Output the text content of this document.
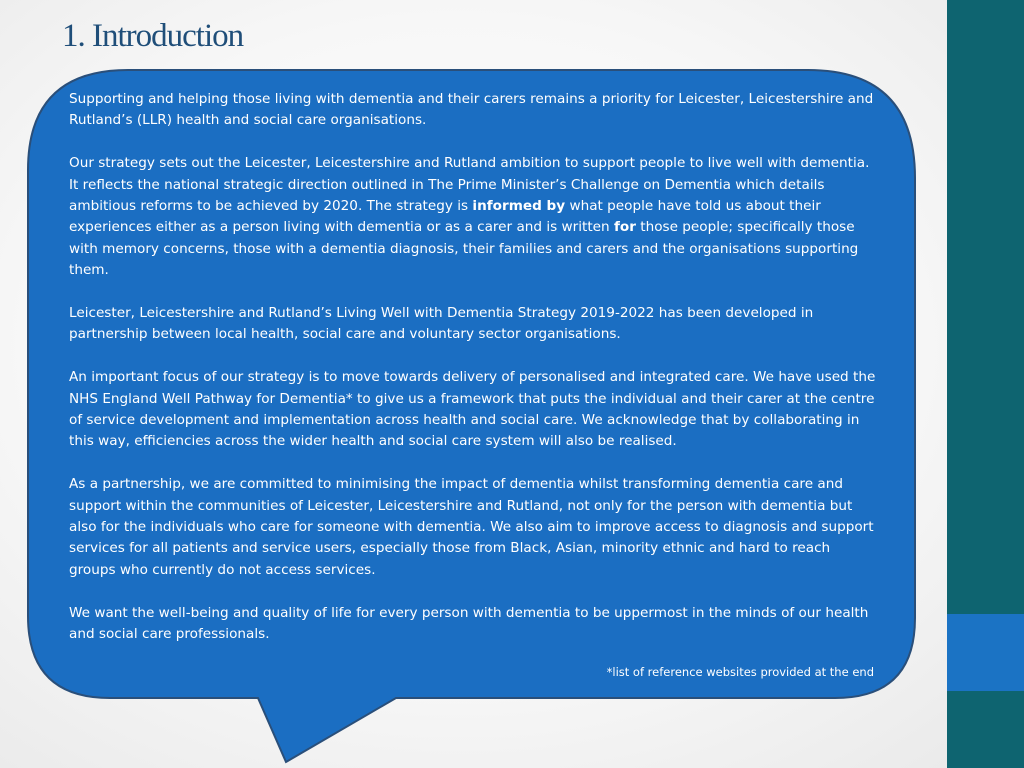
1. Introduction

Supporting and helping those living with dementia and their carers remains a priority for Leicester, Leicestershire and Rutland’s (LLR) health and social care organisations.

Our strategy sets out the Leicester, Leicestershire and Rutland ambition to support people to live well with dementia. It reflects the national strategic direction outlined in The Prime Minister’s Challenge on Dementia which details ambitious reforms to be achieved by 2020. The strategy is informed by what people have told us about their experiences either as a person living with dementia or as a carer and is written for those people; specifically those with memory concerns, those with a dementia diagnosis, their families and carers and the organisations supporting them.

Leicester, Leicestershire and Rutland’s Living Well with Dementia Strategy 2019-2022 has been developed in partnership between local health, social care and voluntary sector organisations.

An important focus of our strategy is to move towards delivery of personalised and integrated care. We have used the NHS England Well Pathway for Dementia* to give us a framework that puts the individual and their carer at the centre of service development and implementation across health and social care. We acknowledge that by collaborating in this way, efficiencies across the wider health and social care system will also be realised.

As a partnership, we are committed to minimising the impact of dementia whilst transforming dementia care and support within the communities of Leicester, Leicestershire and Rutland, not only for the person with dementia but also for the individuals who care for someone with dementia. We also aim to improve access to diagnosis and support services for all patients and service users, especially those from Black, Asian, minority ethnic and hard to reach groups who currently do not access services.

We want the well-being and quality of life for every person with dementia to be uppermost in the minds of our health and social care professionals.

*list of reference websites provided at the end
